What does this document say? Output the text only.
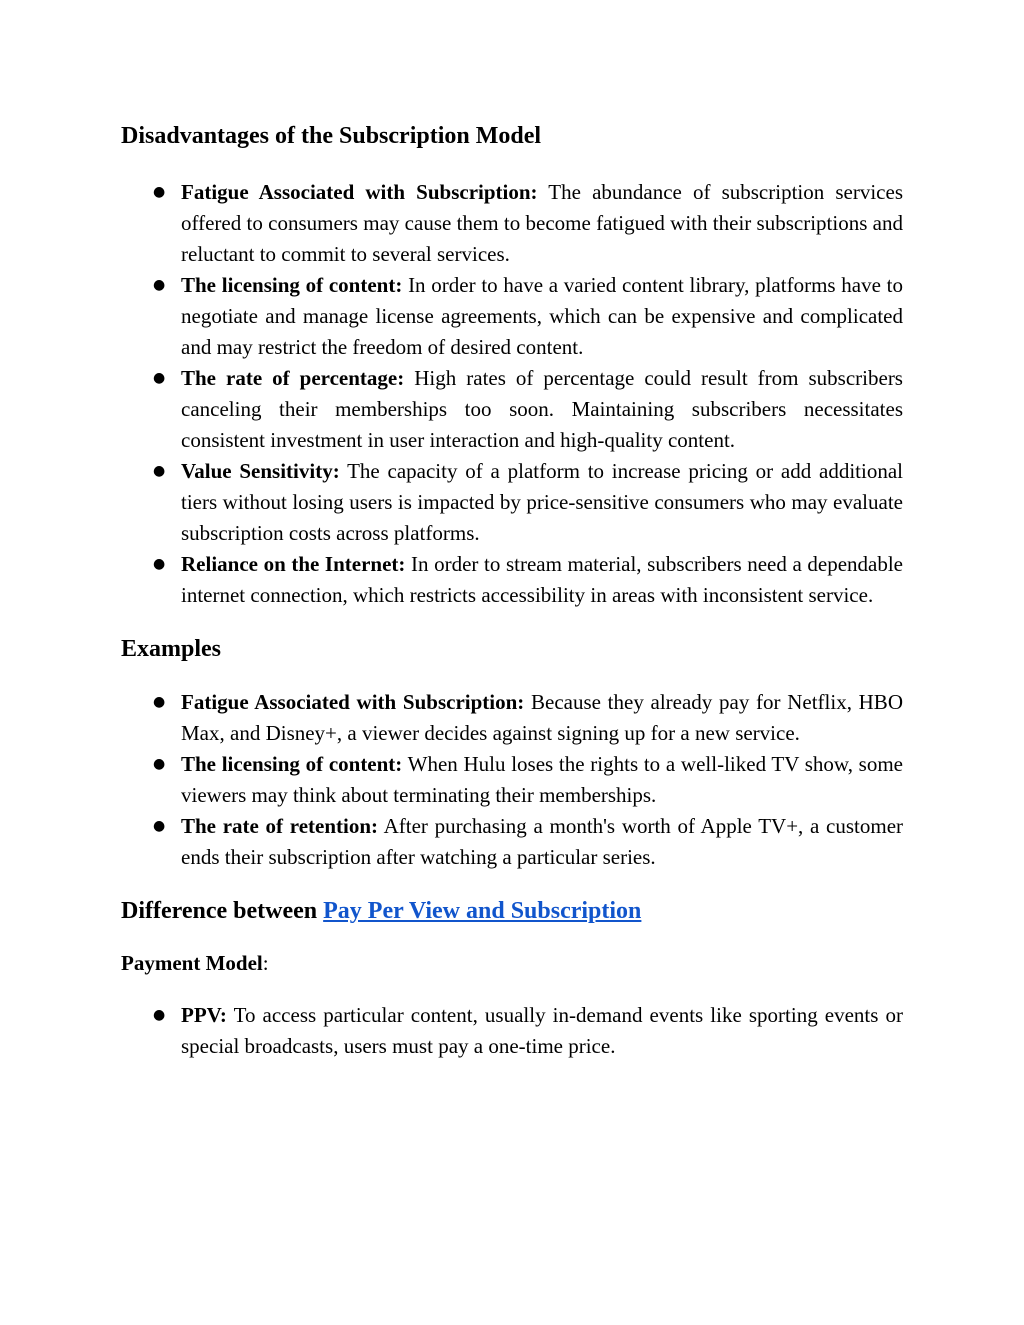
Disadvantages of the Subscription Model
● Fatigue Associated with Subscription: The abundance of subscription services offered to consumers may cause them to become fatigued with their subscriptions and reluctant to commit to several services.
● The licensing of content: In order to have a varied content library, platforms have to negotiate and manage license agreements, which can be expensive and complicated and may restrict the freedom of desired content.
● The rate of percentage: High rates of percentage could result from subscribers canceling their memberships too soon. Maintaining subscribers necessitates consistent investment in user interaction and high-quality content.
● Value Sensitivity: The capacity of a platform to increase pricing or add additional tiers without losing users is impacted by price-sensitive consumers who may evaluate subscription costs across platforms.
● Reliance on the Internet: In order to stream material, subscribers need a dependable internet connection, which restricts accessibility in areas with inconsistent service.
Examples
● Fatigue Associated with Subscription: Because they already pay for Netflix, HBO Max, and Disney+, a viewer decides against signing up for a new service.
● The licensing of content: When Hulu loses the rights to a well-liked TV show, some viewers may think about terminating their memberships.
● The rate of retention: After purchasing a month's worth of Apple TV+, a customer ends their subscription after watching a particular series.
Difference between Pay Per View and Subscription
Payment Model:
● PPV: To access particular content, usually in-demand events like sporting events or special broadcasts, users must pay a one-time price.
